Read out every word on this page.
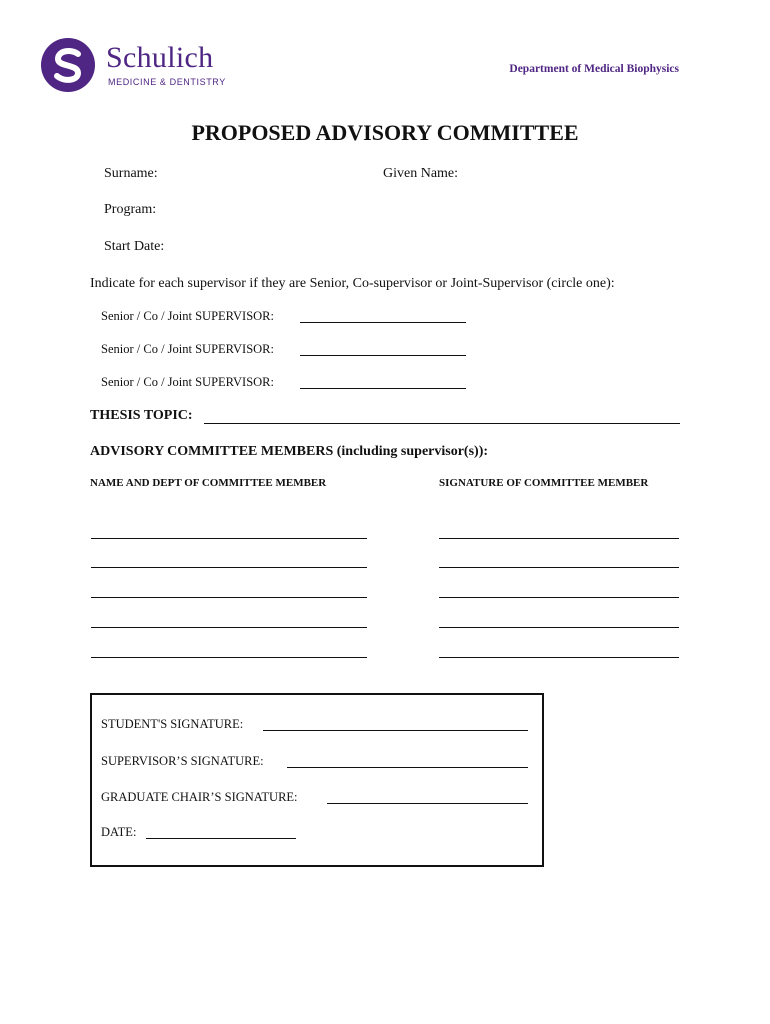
Schulich
MEDICINE & DENTISTRY
Department of Medical Biophysics
PROPOSED ADVISORY COMMITTEE
Surname:	Given Name:
Program:
Start Date:
Indicate for each supervisor if they are Senior, Co-supervisor or Joint-Supervisor (circle one):
Senior / Co / Joint SUPERVISOR:
Senior / Co / Joint SUPERVISOR:
Senior / Co / Joint SUPERVISOR:
THESIS TOPIC:
ADVISORY COMMITTEE MEMBERS (including supervisor(s)):
NAME AND DEPT OF COMMITTEE MEMBER	SIGNATURE OF COMMITTEE MEMBER
STUDENT'S SIGNATURE:
SUPERVISOR’S SIGNATURE:
GRADUATE CHAIR’S SIGNATURE:
DATE:
